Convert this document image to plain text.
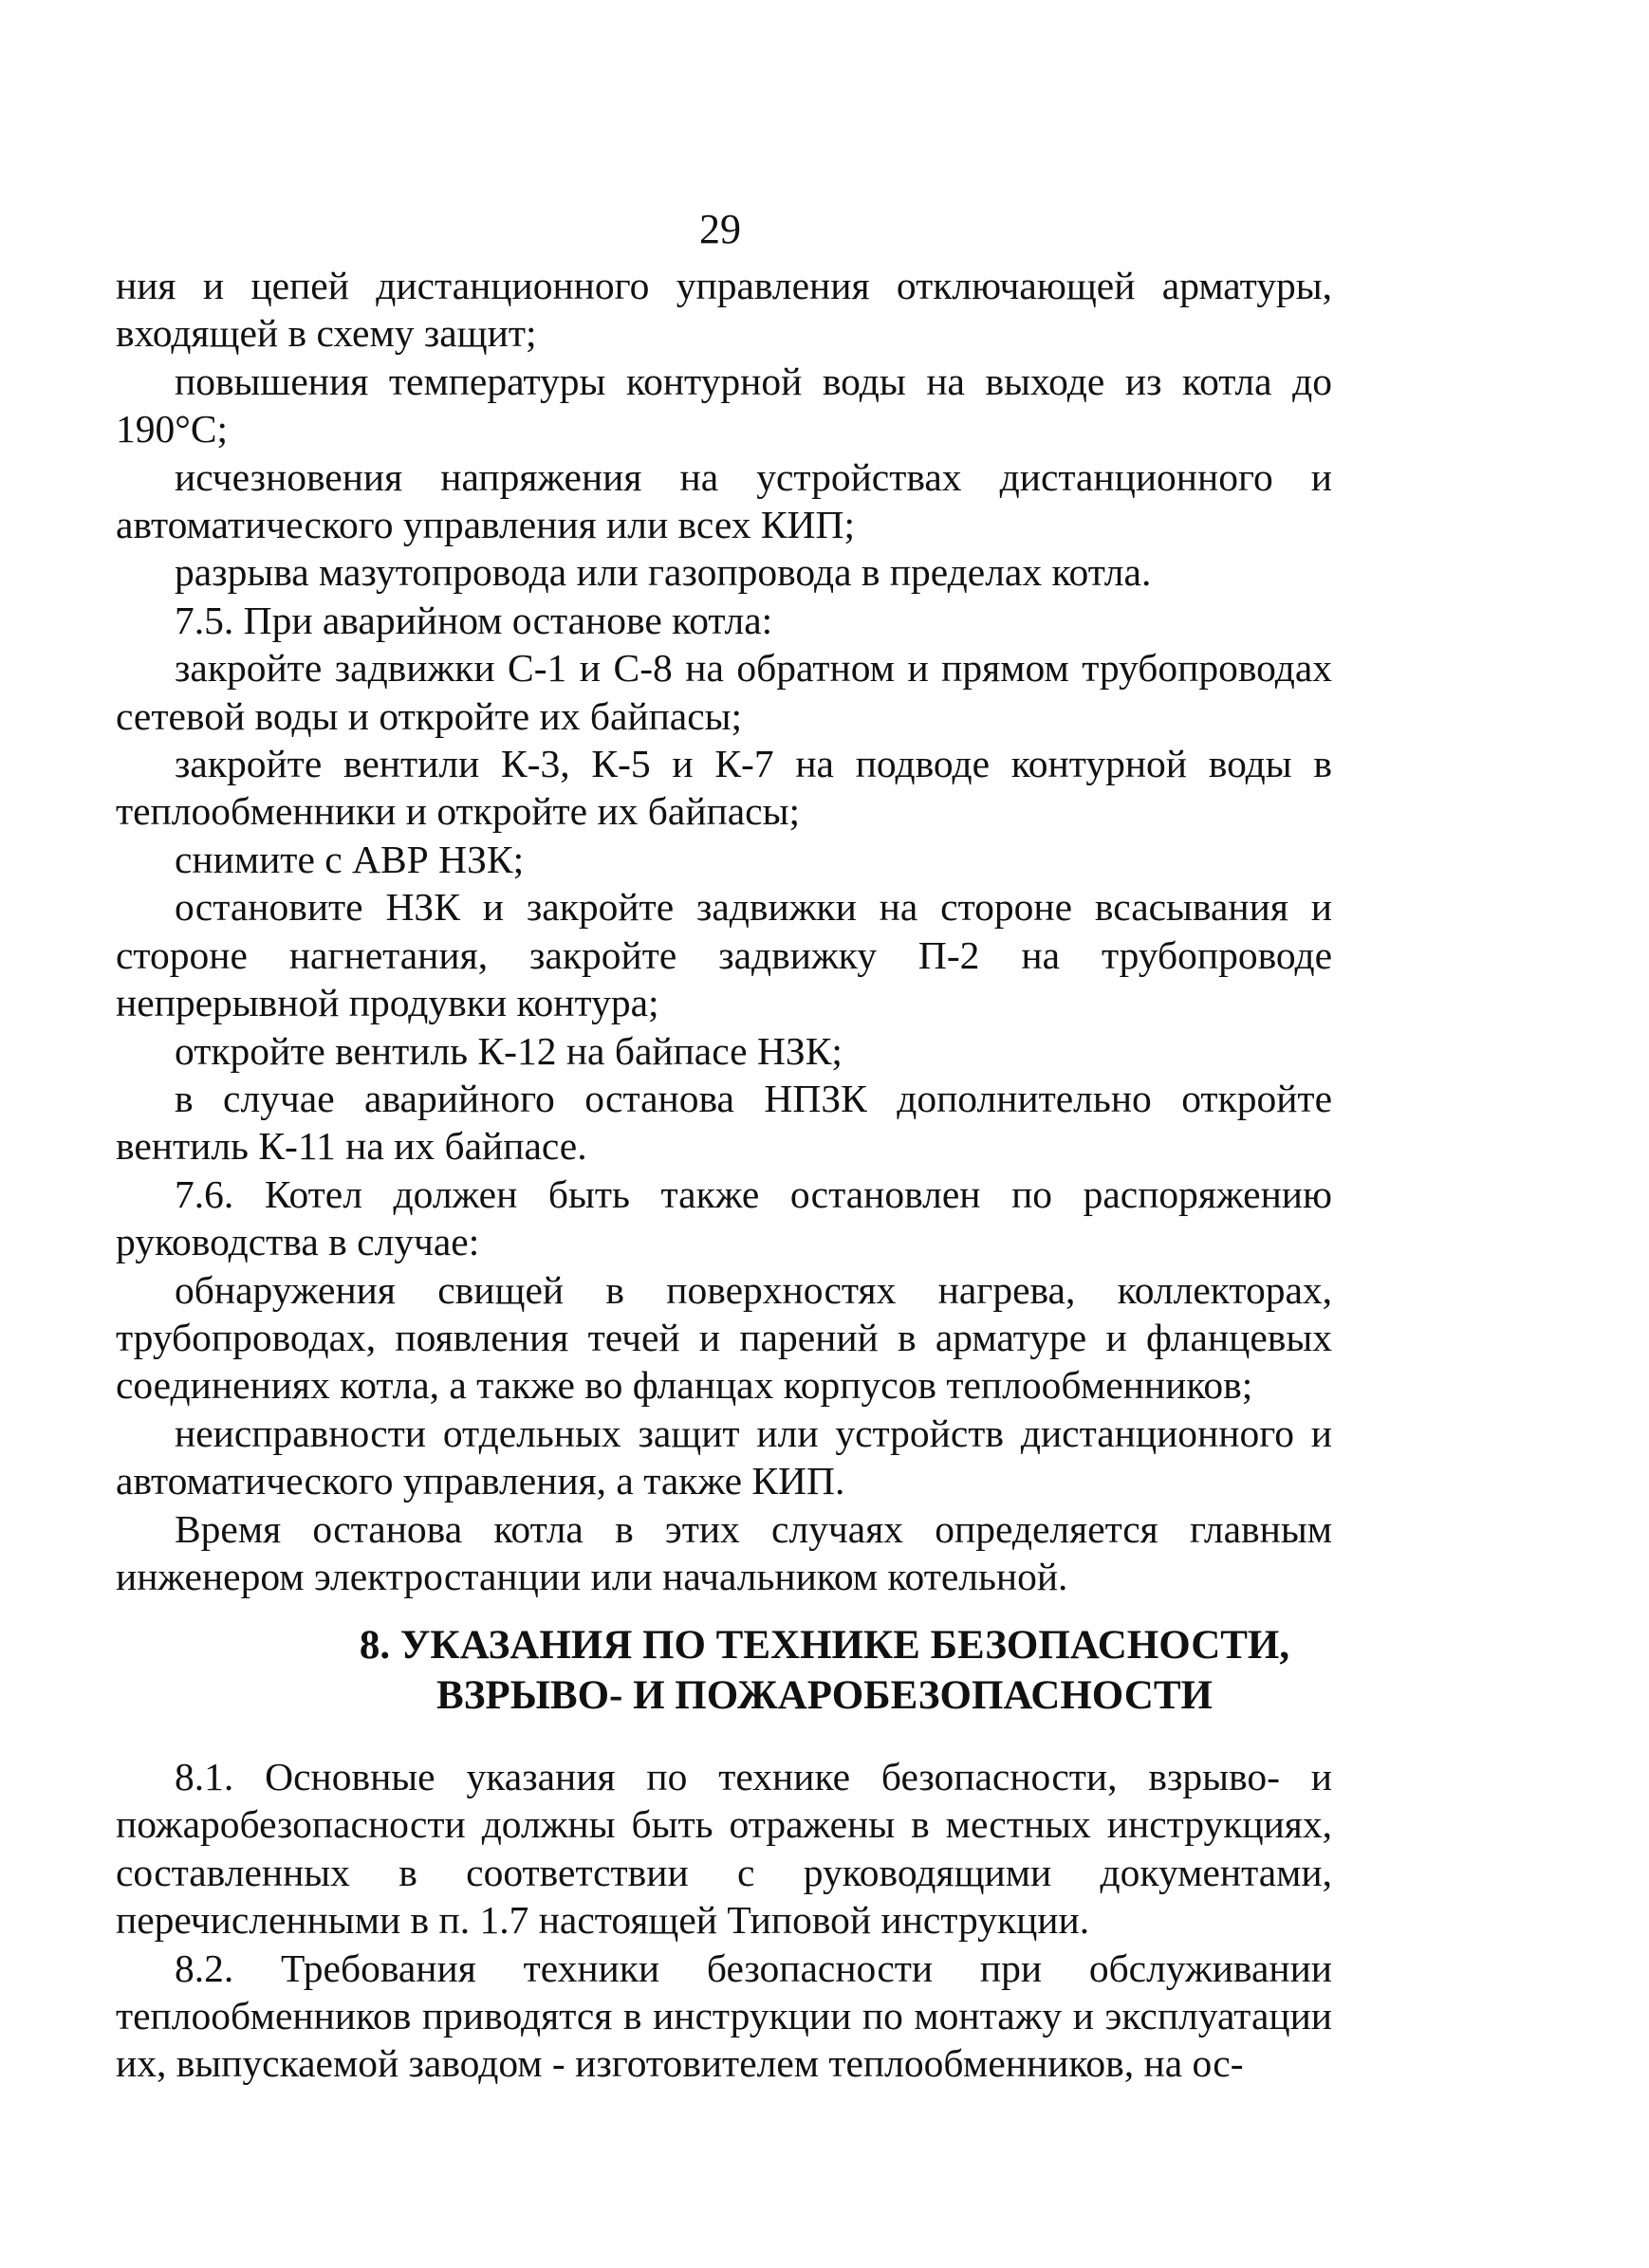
29

ния и цепей дистанционного управления отключающей арматуры, входящей в схему защит;

повышения температуры контурной воды на выходе из котла до 190°С;

исчезновения напряжения на устройствах дистанционного и автоматического управления или всех КИП;

разрыва мазутопровода или газопровода в пределах котла.

7.5. При аварийном останове котла:

закройте задвижки С-1 и С-8 на обратном и прямом трубопроводах сетевой воды и откройте их байпасы;

закройте вентили К-3, К-5 и К-7 на подводе контурной воды в теплообменники и откройте их байпасы;

снимите с АВР НЗК;

остановите НЗК и закройте задвижки на стороне всасывания и стороне нагнетания, закройте задвижку П-2 на трубопроводе непрерывной продувки контура;

откройте вентиль К-12 на байпасе НЗК;

в случае аварийного останова НПЗК дополнительно откройте вентиль К-11 на их байпасе.

7.6. Котел должен быть также остановлен по распоряжению руководства в случае:

обнаружения свищей в поверхностях нагрева, коллекторах, трубопроводах, появления течей и парений в арматуре и фланцевых соединениях котла, а также во фланцах корпусов теплообменников;

неисправности отдельных защит или устройств дистанционного и автоматического управления, а также КИП.

Время останова котла в этих случаях определяется главным инженером электростанции или начальником котельной.

8. УКАЗАНИЯ ПО ТЕХНИКЕ БЕЗОПАСНОСТИ,
ВЗРЫВО- И ПОЖАРОБЕЗОПАСНОСТИ

8.1. Основные указания по технике безопасности, взрыво- и пожаробезопасности должны быть отражены в местных инструкциях, составленных в соответствии с руководящими документами, перечисленными в п. 1.7 настоящей Типовой инструкции.

8.2. Требования техники безопасности при обслуживании теплообменников приводятся в инструкции по монтажу и эксплуатации их, выпускаемой заводом - изготовителем теплообменников, на ос-
